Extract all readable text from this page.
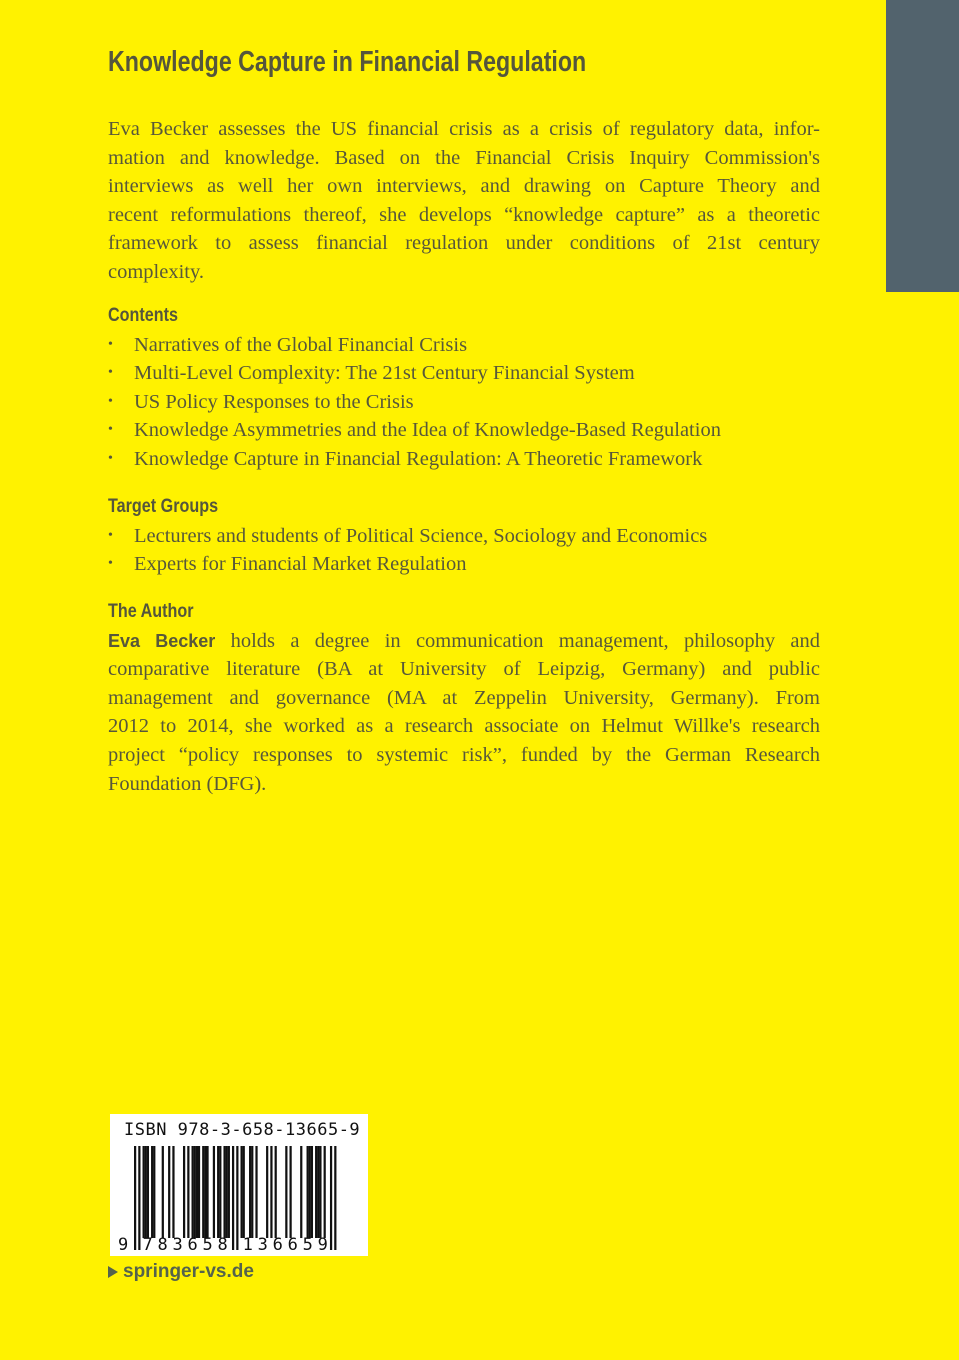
Knowledge Capture in Financial Regulation
Eva Becker assesses the US financial crisis as a crisis of regulatory data, infor-
mation and knowledge. Based on the Financial Crisis Inquiry Commission's
interviews as well her own interviews, and drawing on Capture Theory and
recent reformulations thereof, she develops “knowledge capture” as a theoretic
framework to assess financial regulation under conditions of 21st century
complexity.
Contents
•	Narratives of the Global Financial Crisis
•	Multi-Level Complexity: The 21st Century Financial System
•	US Policy Responses to the Crisis
•	Knowledge Asymmetries and the Idea of Knowledge-Based Regulation
•	Knowledge Capture in Financial Regulation: A Theoretic Framework
Target Groups
•	Lecturers and students of Political Science, Sociology and Economics
•	Experts for Financial Market Regulation
The Author
Eva Becker holds a degree in communication management, philosophy and
comparative literature (BA at University of Leipzig, Germany) and public
management and governance (MA at Zeppelin University, Germany). From
2012 to 2014, she worked as a research associate on Helmut Willke's research
project “policy responses to systemic risk”, funded by the German Research
Foundation (DFG).
ISBN 978-3-658-13665-9
9 783658 136659
springer-vs.de
